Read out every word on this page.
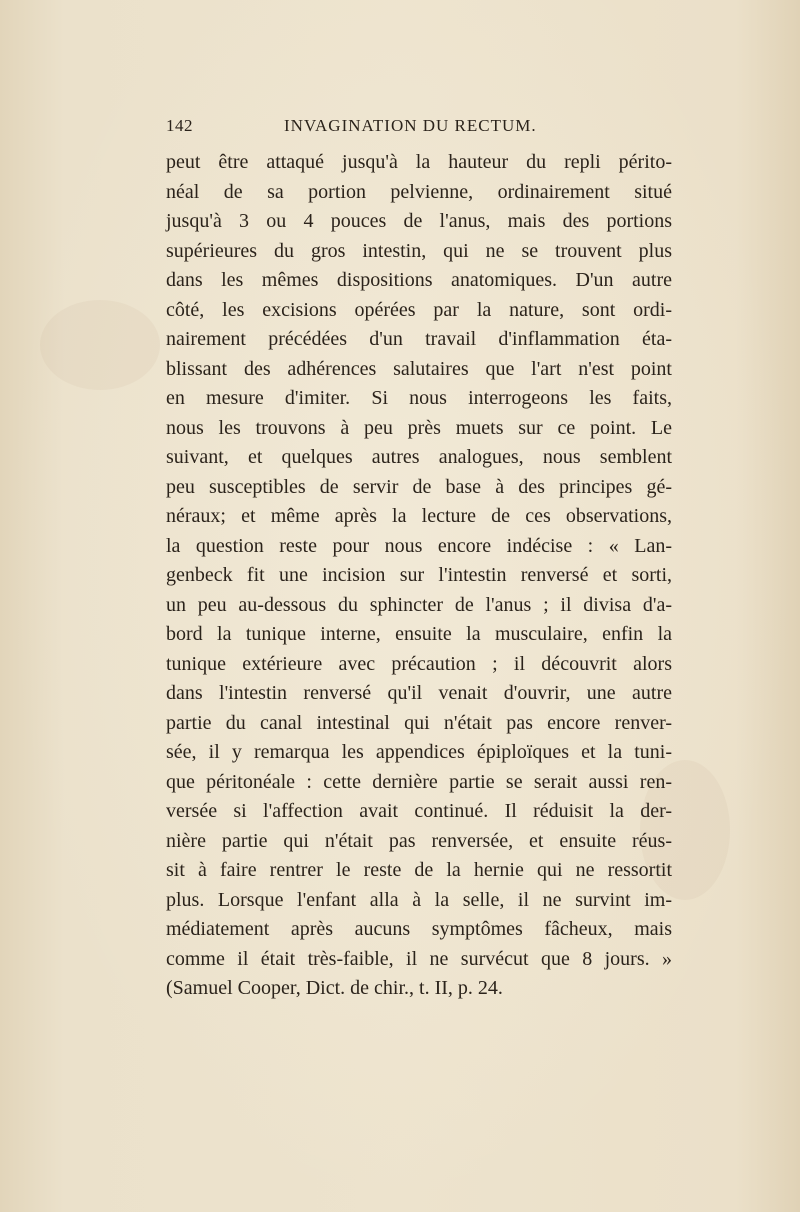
142	INVAGINATION DU RECTUM.
peut être attaqué jusqu'à la hauteur du repli périto-
néal de sa portion pelvienne, ordinairement situé
jusqu'à 3 ou 4 pouces de l'anus, mais des portions
supérieures du gros intestin, qui ne se trouvent plus
dans les mêmes dispositions anatomiques. D'un autre
côté, les excisions opérées par la nature, sont ordi-
nairement précédées d'un travail d'inflammation éta-
blissant des adhérences salutaires que l'art n'est point
en mesure d'imiter. Si nous interrogeons les faits,
nous les trouvons à peu près muets sur ce point. Le
suivant, et quelques autres analogues, nous semblent
peu susceptibles de servir de base à des principes gé-
néraux; et même après la lecture de ces observations,
la question reste pour nous encore indécise : « Lan-
genbeck fit une incision sur l'intestin renversé et sorti,
un peu au-dessous du sphincter de l'anus ; il divisa d'a-
bord la tunique interne, ensuite la musculaire, enfin la
tunique extérieure avec précaution ; il découvrit alors
dans l'intestin renversé qu'il venait d'ouvrir, une autre
partie du canal intestinal qui n'était pas encore renver-
sée, il y remarqua les appendices épiploïques et la tuni-
que péritonéale : cette dernière partie se serait aussi ren-
versée si l'affection avait continué. Il réduisit la der-
nière partie qui n'était pas renversée, et ensuite réus-
sit à faire rentrer le reste de la hernie qui ne ressortit
plus. Lorsque l'enfant alla à la selle, il ne survint im-
médiatement après aucuns symptômes fâcheux, mais
comme il était très-faible, il ne survécut que 8 jours. »
(Samuel Cooper, Dict. de chir., t. II, p. 24.
